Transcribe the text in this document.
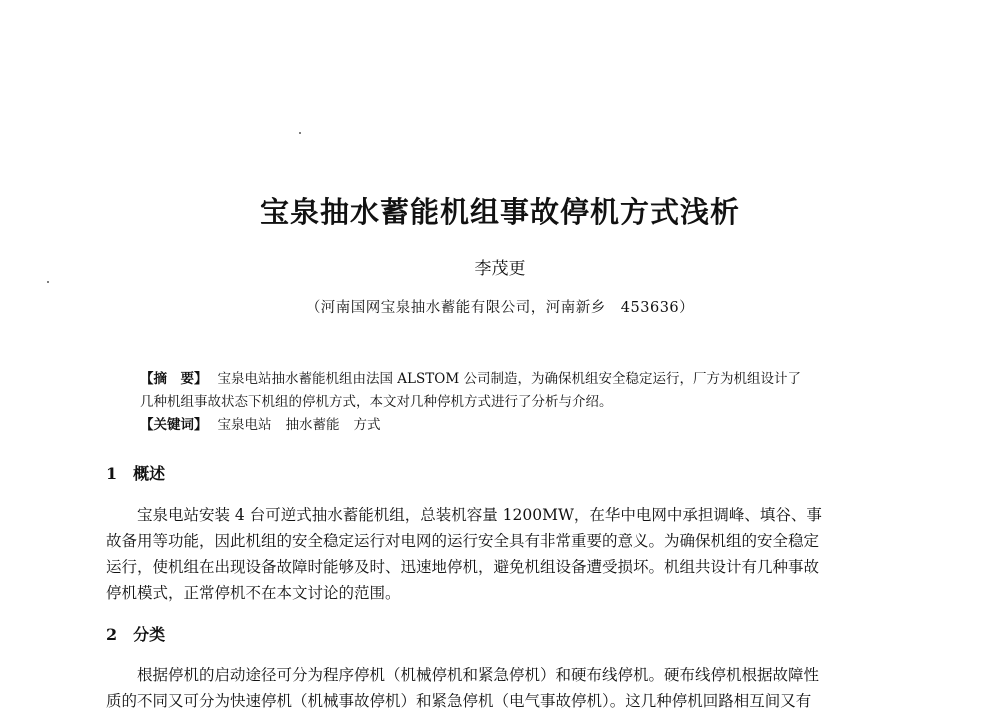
宝泉抽水蓄能机组事故停机方式浅析
李茂更
（河南国网宝泉抽水蓄能有限公司，河南新乡　453636）
【摘　要】 宝泉电站抽水蓄能机组由法国 ALSTOM 公司制造，为确保机组安全稳定运行，厂方为机组设计了
几种机组事故状态下机组的停机方式，本文对几种停机方式进行了分析与介绍。
【关键词】 宝泉电站 抽水蓄能 方式
1 概述
宝泉电站安装 4 台可逆式抽水蓄能机组，总装机容量 1200MW，在华中电网中承担调峰、填谷、事
故备用等功能，因此机组的安全稳定运行对电网的运行安全具有非常重要的意义。为确保机组的安全稳定
运行，使机组在出现设备故障时能够及时、迅速地停机，避免机组设备遭受损坏。机组共设计有几种事故
停机模式，正常停机不在本文讨论的范围。
2 分类
根据停机的启动途径可分为程序停机（机械停机和紧急停机）和硬布线停机。硬布线停机根据故障性
质的不同又可分为快速停机（机械事故停机）和紧急停机（电气事故停机）。这几种停机回路相互间又有
